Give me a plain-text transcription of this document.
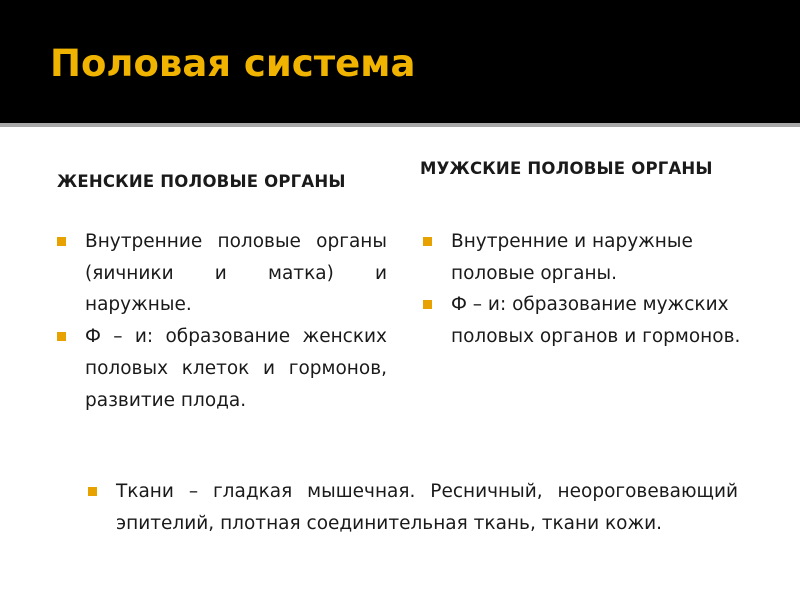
Половая система
ЖЕНСКИЕ ПОЛОВЫЕ ОРГАНЫ
МУЖСКИЕ ПОЛОВЫЕ ОРГАНЫ
Внутренние половые органы (яичники и матка) и наружные.
Ф – и: образование женских половых клеток и гормонов, развитие плода.
Внутренние и наружные половые органы.
Ф – и: образование мужских половых органов и гормонов.
Ткани – гладкая мышечная. Ресничный, неороговевающий эпителий, плотная соединительная ткань, ткани кожи.
